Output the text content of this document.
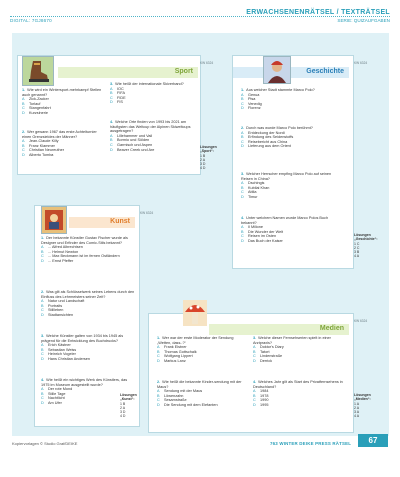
DIGITAL: 7GJ8670
ERWACHSENENRÄTSEL / TEXTRÄTSEL
SERIE: QUIZAUFGABEN
Sport
1. Wie wird ein Wintersport-mehrkampf Stellen auch genannt?
A Zick-Zacker
B Torlauf
C Stangenfahrt
D Kurzslnerie
2. Wer gewann 1967 das erste Achtelturnier einen Grenzsieldes der Männer?
A Jean-Claude Killy
B Franz Klammer
C Christian Neureuther
D Alberto Tomba
3. Wie heißt der internationale Skiverband?
A IOC
B FIFA
C FIDE
D FIS
4. Welche Orte finden von 1993 bis 2021 am häufigsten das Weltcup der Alpinen Skiweltcups ausgetragen?
A Lillehammer und Vail
B Bormio und Sölden
C Garmisch und Aspen
D Beaver Creek und Are
KW 6324
Lösungen „Sport“:
1 B
2 A
3 D
4 D
Geschichte
1. Aus welcher Stadt stammte Marco Polo?
A Genua
B Pisa
C Venedig
D Florenz
2. Durch was wurde Marco Polo berühmt?
A Entdeckung der Nordi
B Erfindung des Seidenstoffs
C Reisebericht aus China
D Lieferung aus dem Orient
3. Welcher Herrscher empfing Marco Polo auf seinen Reisen in China?
A Dschingis
B Kubilai Khan
C Attila
D Timur
4. Unter welchem Namen wurde Marco Polos Buch bekannt?
A Il Milione
B Die Wunder der Welt
C Reisen im Osten
D Das Buch der Kaiser
KW 6324
Lösungen „Geschichte“:
1 C
2 C
3 B
4 A
Kunst
1. Der bekannte Künstler Gustav Fischer wurde als Designer und Erfinder des Comic-Stils bekannt?
A ... Alfred Albrechtsen
B ... Helmut Newton
C ... Max Beckmann ist im fernen Ostländern
D ... Ernst Pfeffer
2. Was gilt als Schlüsselwerk seines Lebens durch den Einfluss des Lehrmeisters seiner Zeit?
A Natur und Landschaft
B Portraits
C Stillleben
D Stadtansichten
3. Welche Künstler galten von 1934 bis 1945 als prägend für die Entwicklung des Buchdrucks?
A Erich Kästner
B Sebastian Weiss
C Heinrich Vogeler
D Hans Christian Andersen
4. Wie heißt ein wichtiges Werk des Künstlers, das 1975 im Museum ausgestellt wurde?
A Der rote Mond
B Stille Tage
C Nachtlicht
D Am Ufer
KW 6324
Medien
1. Wer war der erste Moderator der Sendung „Wetten, dass..?“
A Frank Elstner
B Thomas Gottschalk
C Wolfgang Lippert
D Markus Lanz
2. Wie heißt die bekannte Kinder-sendung mit der Maus?
A Sendung mit der Maus
B Löwenzahn
C Sesamstraße
D Die Sendung mit dem Elefanten
3. Welche dieser Fernsehserien spielt in einer Arztpraxis?
A Doktor's Diary
B Tatort
C Lindenstraße
D Derrick
4. Welches Jahr gilt als Start des Privatfernsehens in Deutschland?
A 1984
B 1978
C 1990
D 1995
KW 6324
Lösungen „Kunst“:
1 B
2 A
3 D
4 D
Lösungen „Medien“:
1 A
2 A
3 A
4 A
Kopiervorlagen © Studio Graf/DEIKE	763 WINTER DEIKE PRESS RÄTSEL	67
